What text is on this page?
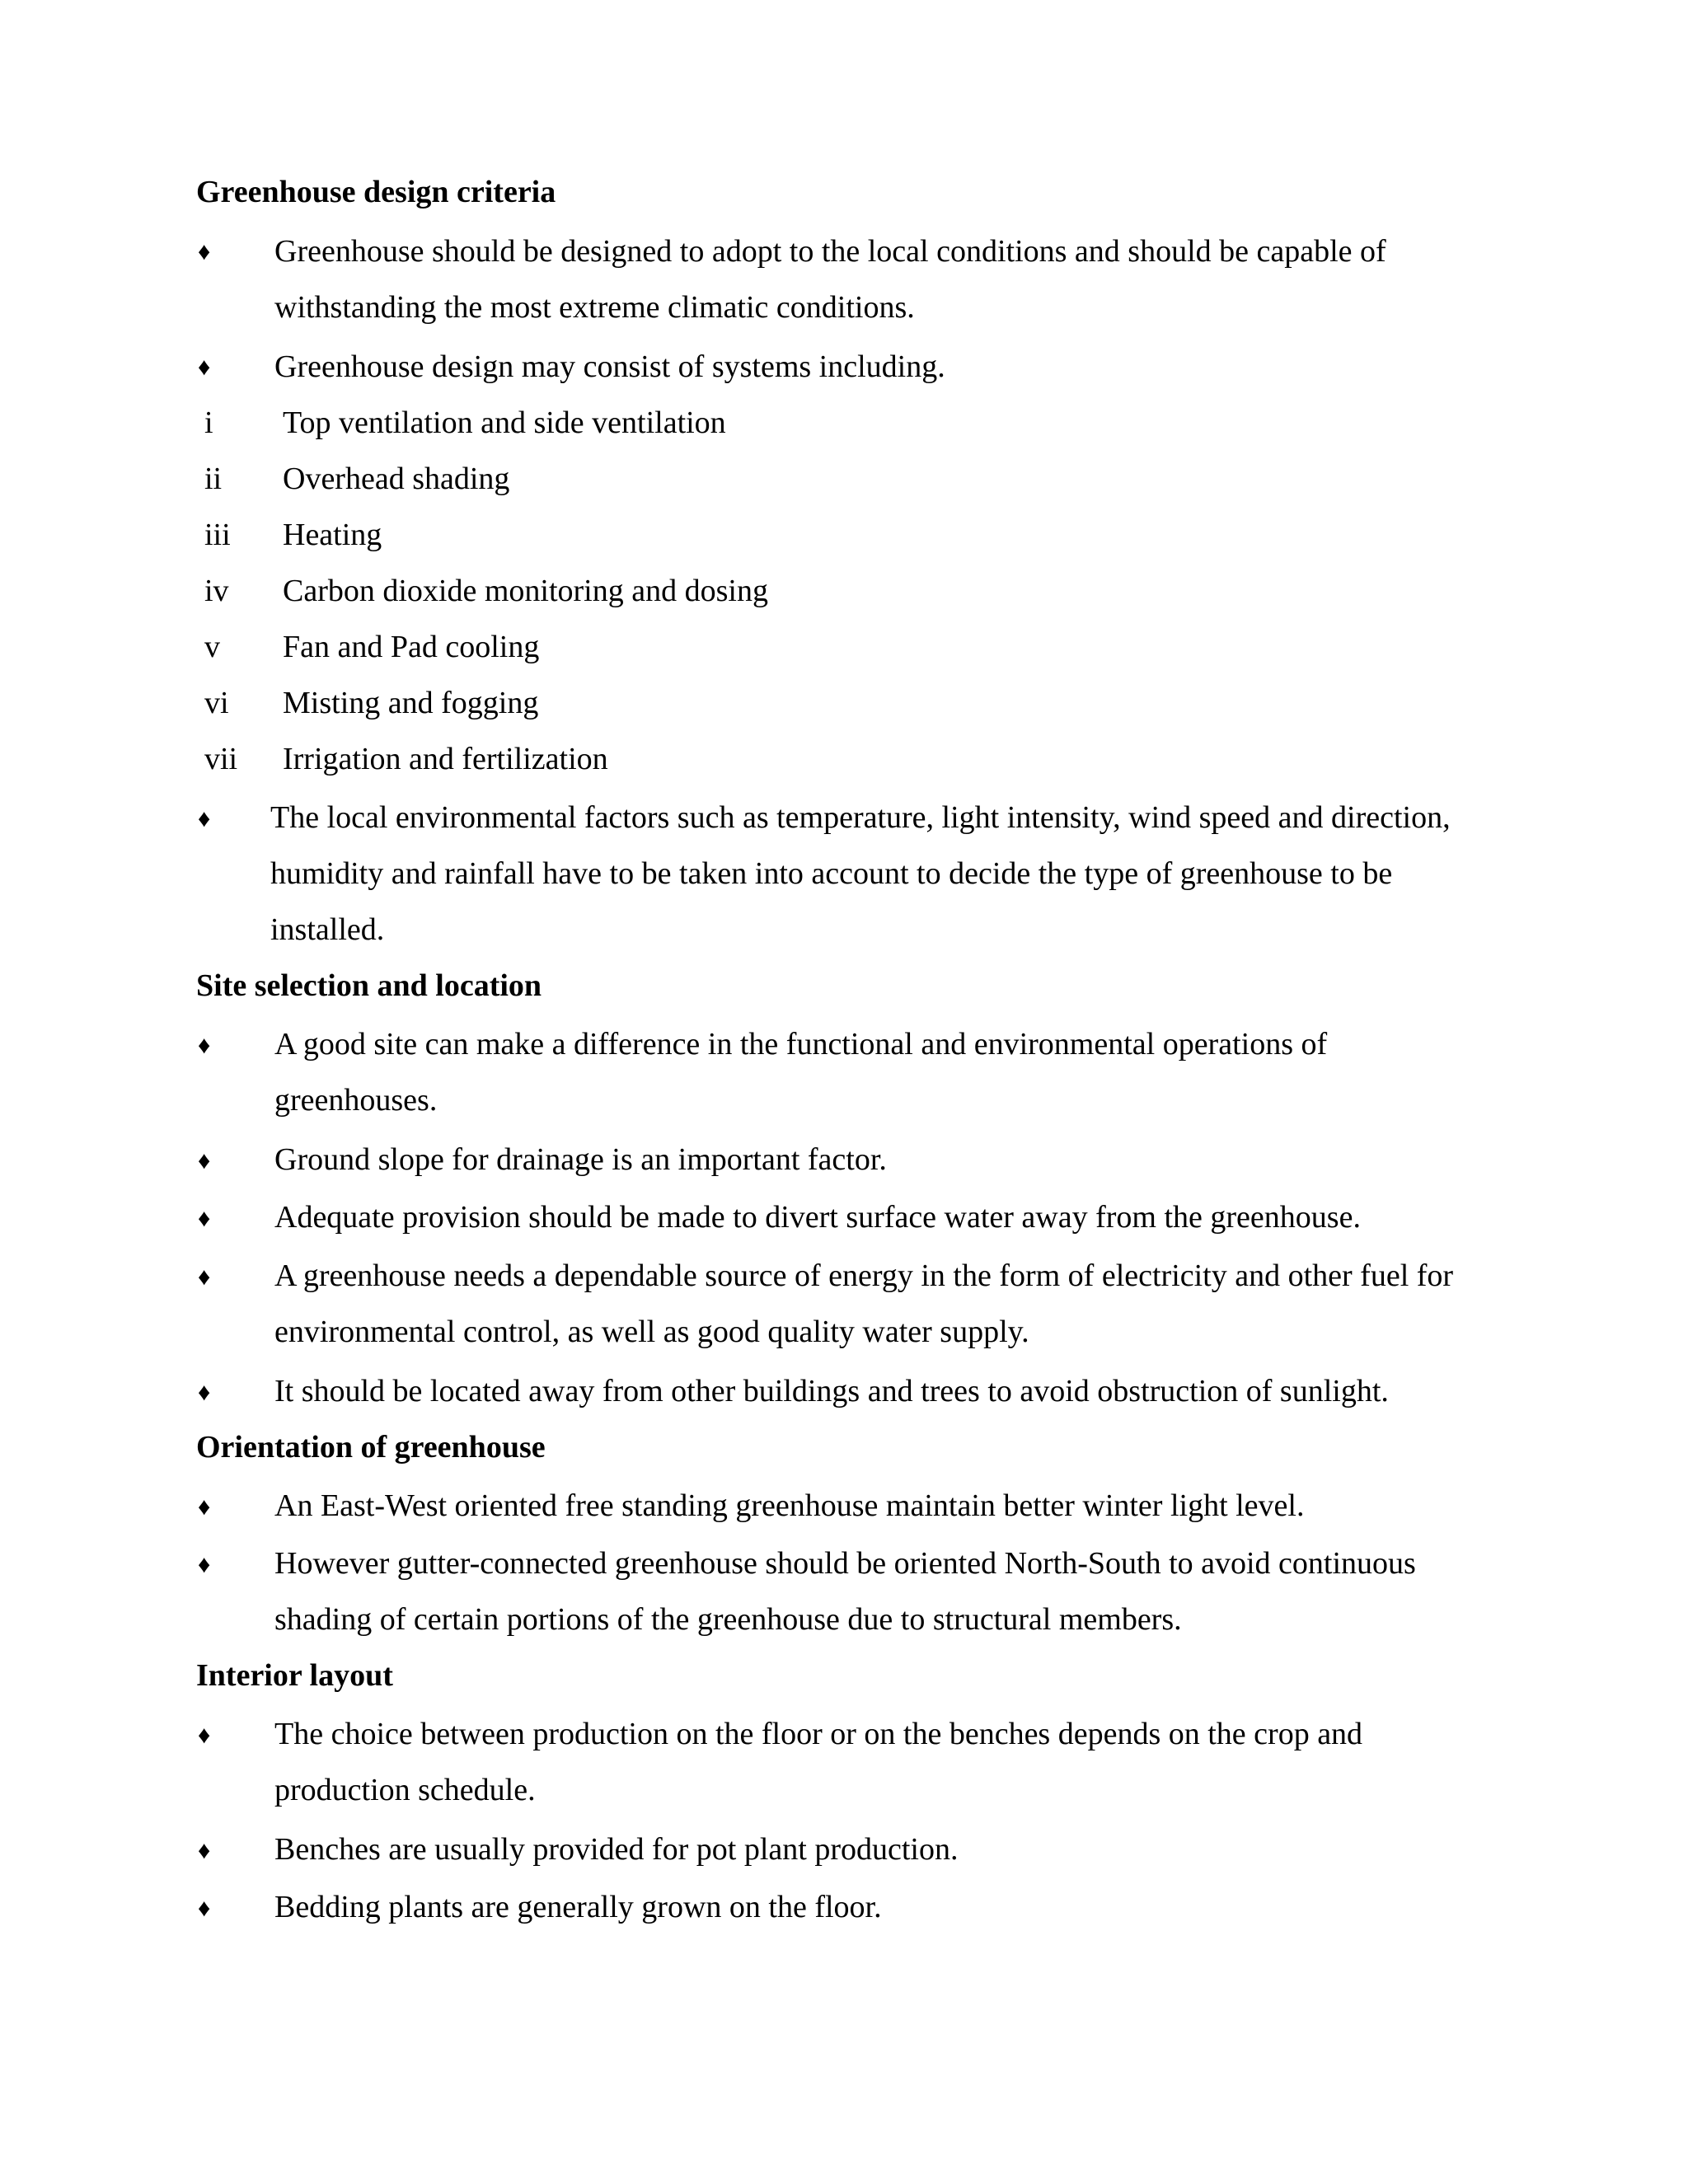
Greenhouse design criteria
♦ Greenhouse should be designed to adopt to the local conditions and should be capable of
withstanding the most extreme climatic conditions.
♦ Greenhouse design may consist of systems including.
i Top ventilation and side ventilation
ii Overhead shading
iii Heating
iv Carbon dioxide monitoring and dosing
v Fan and Pad cooling
vi Misting and fogging
vii Irrigation and fertilization
♦ The local environmental factors such as temperature, light intensity, wind speed and direction,
humidity and rainfall have to be taken into account to decide the type of greenhouse to be
installed.
Site selection and location
♦ A good site can make a difference in the functional and environmental operations of
greenhouses.
♦ Ground slope for drainage is an important factor.
♦ Adequate provision should be made to divert surface water away from the greenhouse.
♦ A greenhouse needs a dependable source of energy in the form of electricity and other fuel for
environmental control, as well as good quality water supply.
♦ It should be located away from other buildings and trees to avoid obstruction of sunlight.
Orientation of greenhouse
♦ An East-West oriented free standing greenhouse maintain better winter light level.
♦ However gutter-connected greenhouse should be oriented North-South to avoid continuous
shading of certain portions of the greenhouse due to structural members.
Interior layout
♦ The choice between production on the floor or on the benches depends on the crop and
production schedule.
♦ Benches are usually provided for pot plant production.
♦ Bedding plants are generally grown on the floor.
